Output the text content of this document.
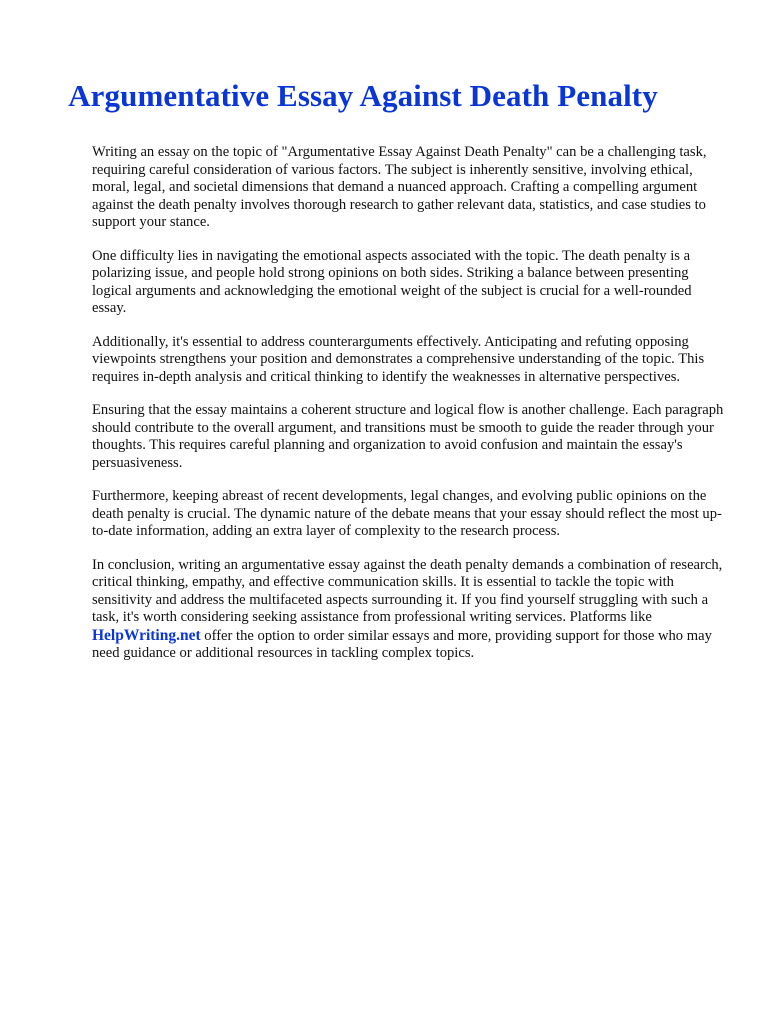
Argumentative Essay Against Death Penalty

Writing an essay on the topic of "Argumentative Essay Against Death Penalty" can be a challenging task, requiring careful consideration of various factors. The subject is inherently sensitive, involving ethical, moral, legal, and societal dimensions that demand a nuanced approach. Crafting a compelling argument against the death penalty involves thorough research to gather relevant data, statistics, and case studies to support your stance.

One difficulty lies in navigating the emotional aspects associated with the topic. The death penalty is a polarizing issue, and people hold strong opinions on both sides. Striking a balance between presenting logical arguments and acknowledging the emotional weight of the subject is crucial for a well-rounded essay.

Additionally, it's essential to address counterarguments effectively. Anticipating and refuting opposing viewpoints strengthens your position and demonstrates a comprehensive understanding of the topic. This requires in-depth analysis and critical thinking to identify the weaknesses in alternative perspectives.

Ensuring that the essay maintains a coherent structure and logical flow is another challenge. Each paragraph should contribute to the overall argument, and transitions must be smooth to guide the reader through your thoughts. This requires careful planning and organization to avoid confusion and maintain the essay's persuasiveness.

Furthermore, keeping abreast of recent developments, legal changes, and evolving public opinions on the death penalty is crucial. The dynamic nature of the debate means that your essay should reflect the most up-to-date information, adding an extra layer of complexity to the research process.

In conclusion, writing an argumentative essay against the death penalty demands a combination of research, critical thinking, empathy, and effective communication skills. It is essential to tackle the topic with sensitivity and address the multifaceted aspects surrounding it. If you find yourself struggling with such a task, it's worth considering seeking assistance from professional writing services. Platforms like HelpWriting.net offer the option to order similar essays and more, providing support for those who may need guidance or additional resources in tackling complex topics.
